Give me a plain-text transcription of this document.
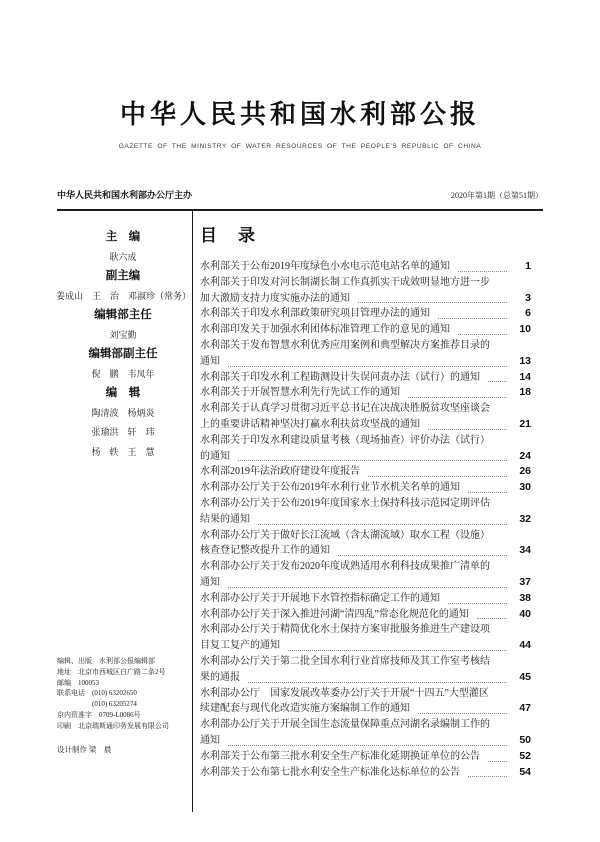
中华人民共和国水利部公报
GAZETTE OF THE MINISTRY OF WATER RESOURCES OF THE PEOPLE'S REPUBLIC OF CHINA
中华人民共和国水利部办公厅主办	2020年第1期（总第51期）
主　编
耿六成
副主编
姜成山　王　治　邓淑珍（常务）
编辑部主任
刘宝勤
编辑部副主任
倪　鹏　韦凤年
编　辑
陶清波　杨炳炎
张瑜洪　轩　玮
杨　轶　王　慧
编辑、出版　水利部公报编辑部
地址　北京市西城区白广路二条2号
邮编　100053
联系电话　(010) 63202650
(010) 63205274
京内资准字　0709-L0086号
印刷　北京瑞斯通印务发展有限公司
设计制作 梁　晨
目　录
水利部关于公布2019年度绿色小水电示范电站名单的通知	1
水利部关于印发对河长制湖长制工作真抓实干成效明显地方进一步
加大激励支持力度实施办法的通知	3
水利部关于印发水利部政策研究项目管理办法的通知	6
水利部印发关于加强水利团体标准管理工作的意见的通知	10
水利部关于发布智慧水利优秀应用案例和典型解决方案推荐目录的
通知	13
水利部关于印发水利工程勘测设计失误问责办法（试行）的通知	14
水利部关于开展智慧水利先行先试工作的通知	18
水利部关于认真学习贯彻习近平总书记在决战决胜脱贫攻坚座谈会
上的重要讲话精神坚决打赢水利扶贫攻坚战的通知	21
水利部关于印发水利建设质量考核（现场抽查）评价办法（试行）
的通知	24
水利部2019年法治政府建设年度报告	26
水利部办公厅关于公布2019年水利行业节水机关名单的通知	30
水利部办公厅关于公布2019年度国家水土保持科技示范园定期评估
结果的通知	32
水利部办公厅关于做好长江流域（含太湖流域）取水工程（设施）
核查登记整改提升工作的通知	34
水利部办公厅关于发布2020年度成熟适用水利科技成果推广清单的
通知	37
水利部办公厅关于开展地下水管控指标确定工作的通知	38
水利部办公厅关于深入推进河湖“清四乱”常态化规范化的通知	40
水利部办公厅关于精简优化水土保持方案审批服务推进生产建设项
目复工复产的通知	44
水利部办公厅关于第二批全国水利行业首席技师及其工作室考核结
果的通报	45
水利部办公厅　国家发展改革委办公厅关于开展“十四五”大型灌区
续建配套与现代化改造实施方案编制工作的通知	47
水利部办公厅关于开展全国生态流量保障重点河湖名录编制工作的
通知	50
水利部关于公布第三批水利安全生产标准化延期换证单位的公告	52
水利部关于公布第七批水利安全生产标准化达标单位的公告	54
